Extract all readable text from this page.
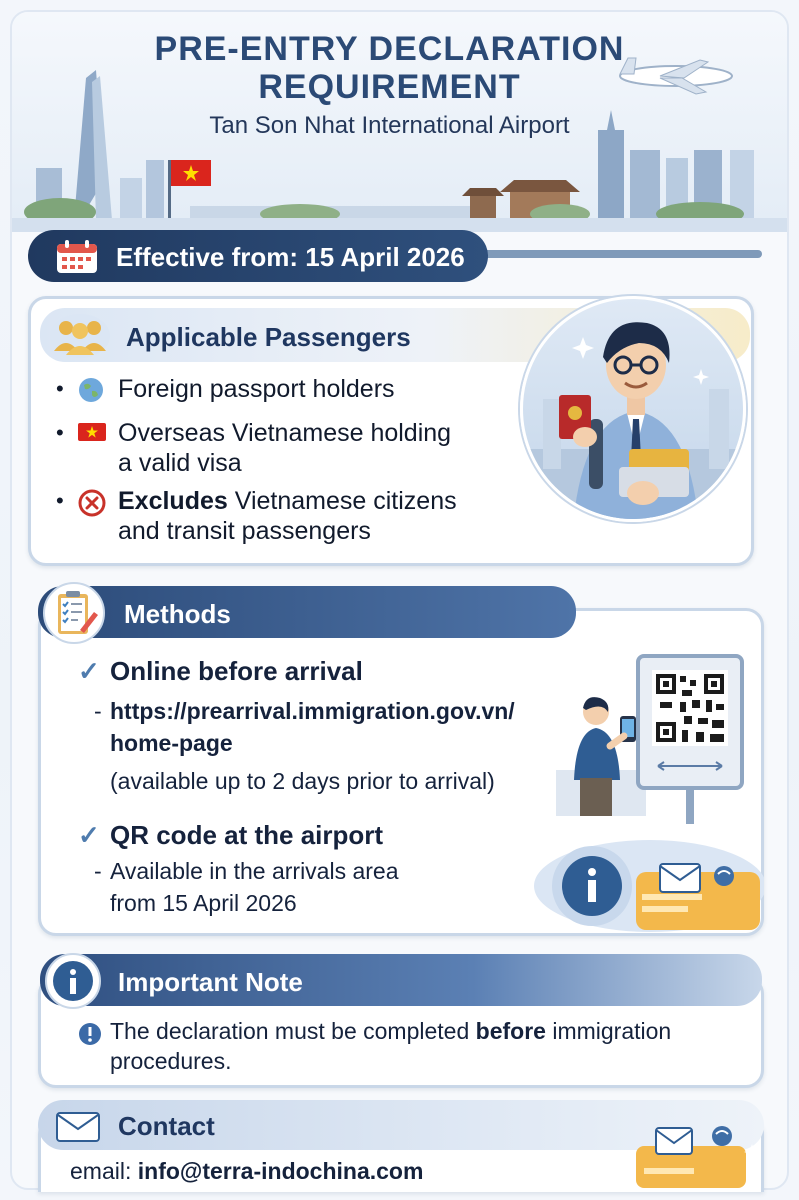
PRE-ENTRY DECLARATION
REQUIREMENT
Tan Son Nhat International Airport
Effective from: 15 April 2026
Applicable Passengers
• Foreign passport holders
• Overseas Vietnamese holding
a valid visa
• Excludes Vietnamese citizens
and transit passengers
Methods
✓ Online before arrival
- https://prearrival.immigration.gov.vn/
home-page
(available up to 2 days prior to arrival)
✓ QR code at the airport
- Available in the arrivals area
from 15 April 2026
Important Note
The declaration must be completed before immigration procedures.
Contact
email: info@terra-indochina.com
